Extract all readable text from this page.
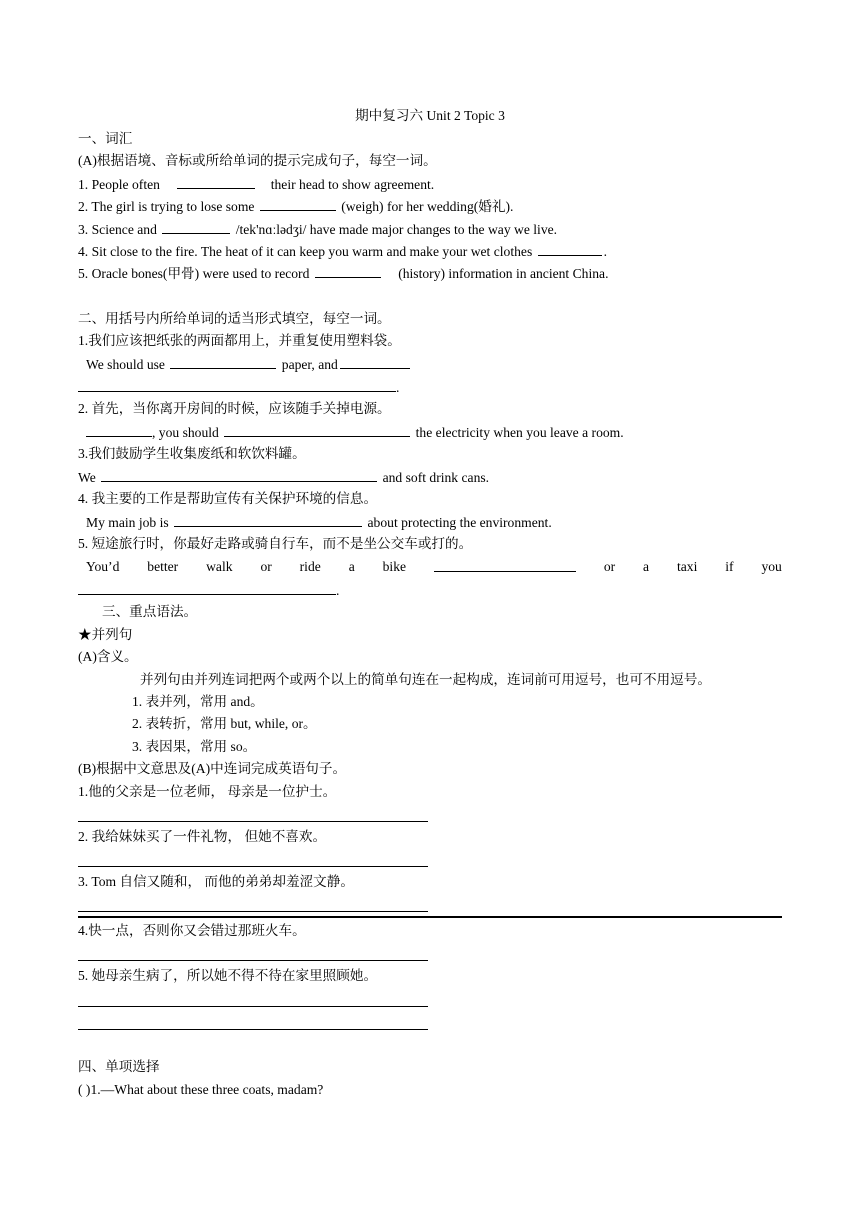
期中复习六 Unit 2 Topic 3
一、词汇
(A)根据语境、音标或所给单词的提示完成句子，每空一词。
1. People often	their head to show agreement.
2. The girl is trying to lose some	(weigh) for her wedding(婚礼).
3. Science and	/tek'nɑːlədʒi/ have made major changes to the way we live.
4. Sit close to the fire. The heat of it can keep you warm and make your wet clothes	.
5. Oracle bones(甲骨) were used to record	(history) information in ancient China.
二、用括号内所给单词的适当形式填空，每空一词。
1.我们应该把纸张的两面都用上，并重复使用塑料袋。
We should use	paper, and
.
2. 首先，当你离开房间的时候，应该随手关掉电源。
, you should	the electricity when you leave a room.
3.我们鼓励学生收集废纸和软饮料罐。
We	and soft drink cans.
4. 我主要的工作是帮助宣传有关保护环境的信息。
My main job is	about protecting the environment.
5. 短途旅行时，你最好走路或骑自行车，而不是坐公交车或打的。
You’d better walk or ride a bike	or a taxi if you
.
三、重点语法。
★并列句
(A)含义。
并列句由并列连词把两个或两个以上的简单句连在一起构成，连词前可用逗号，也可不用逗号。
1. 表并列，常用 and。
2. 表转折，常用 but, while, or。
3. 表因果，常用 so。
(B)根据中文意思及(A)中连词完成英语句子。
1.他的父亲是一位老师， 母亲是一位护士。
2. 我给妹妹买了一件礼物， 但她不喜欢。
3. Tom 自信又随和， 而他的弟弟却羞涩文静。
4.快一点，否则你又会错过那班火车。
5. 她母亲生病了，所以她不得不待在家里照顾她。
四、单项选择
( )1.—What about these three coats, madam?
